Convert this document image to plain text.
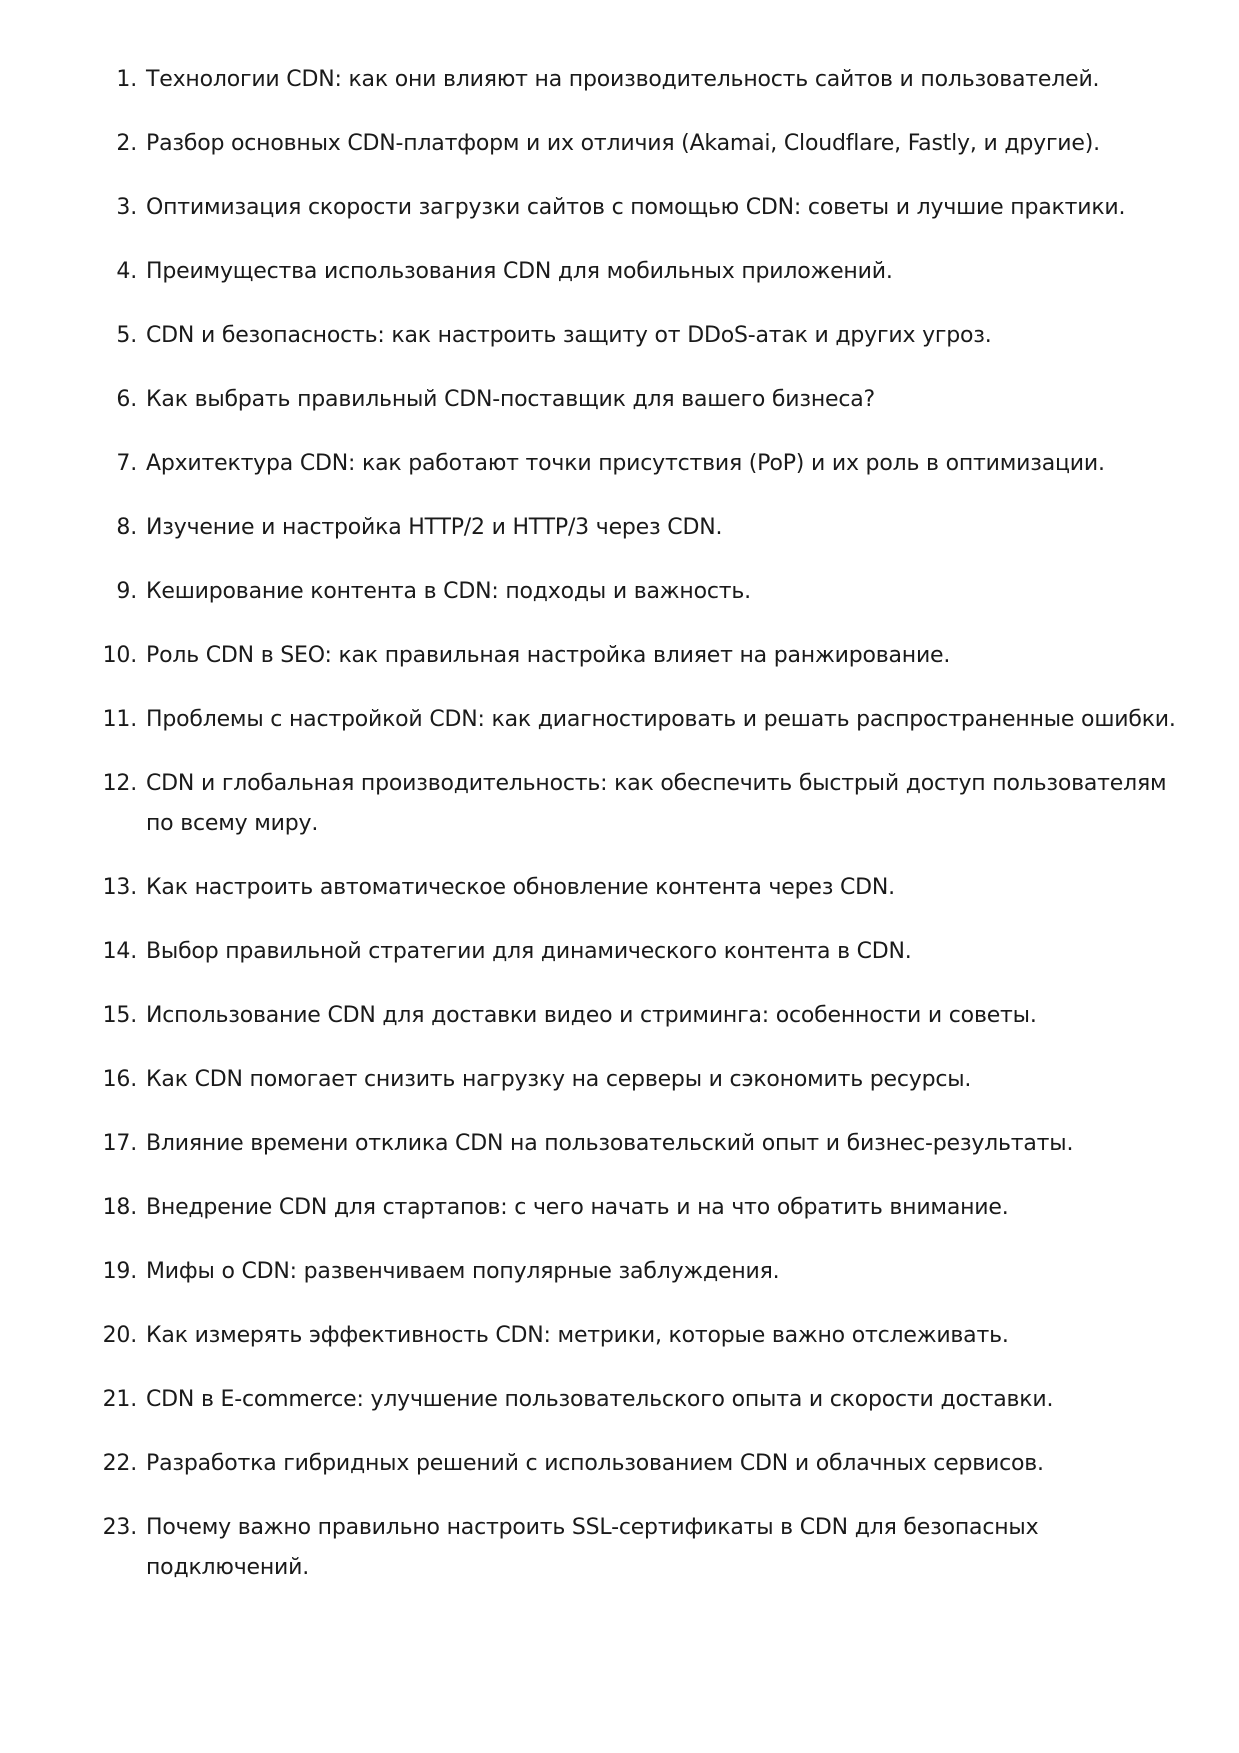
1. Технологии CDN: как они влияют на производительность сайтов и пользователей.
2. Разбор основных CDN-платформ и их отличия (Akamai, Cloudflare, Fastly, и другие).
3. Оптимизация скорости загрузки сайтов с помощью CDN: советы и лучшие практики.
4. Преимущества использования CDN для мобильных приложений.
5. CDN и безопасность: как настроить защиту от DDoS-атак и других угроз.
6. Как выбрать правильный CDN-поставщик для вашего бизнеса?
7. Архитектура CDN: как работают точки присутствия (PoP) и их роль в оптимизации.
8. Изучение и настройка HTTP/2 и HTTP/3 через CDN.
9. Кеширование контента в CDN: подходы и важность.
10. Роль CDN в SEO: как правильная настройка влияет на ранжирование.
11. Проблемы с настройкой CDN: как диагностировать и решать распространенные ошибки.
12. CDN и глобальная производительность: как обеспечить быстрый доступ пользователям по всему миру.
13. Как настроить автоматическое обновление контента через CDN.
14. Выбор правильной стратегии для динамического контента в CDN.
15. Использование CDN для доставки видео и стриминга: особенности и советы.
16. Как CDN помогает снизить нагрузку на серверы и сэкономить ресурсы.
17. Влияние времени отклика CDN на пользовательский опыт и бизнес-результаты.
18. Внедрение CDN для стартапов: с чего начать и на что обратить внимание.
19. Мифы о CDN: развенчиваем популярные заблуждения.
20. Как измерять эффективность CDN: метрики, которые важно отслеживать.
21. CDN в E-commerce: улучшение пользовательского опыта и скорости доставки.
22. Разработка гибридных решений с использованием CDN и облачных сервисов.
23. Почему важно правильно настроить SSL-сертификаты в CDN для безопасных подключений.
